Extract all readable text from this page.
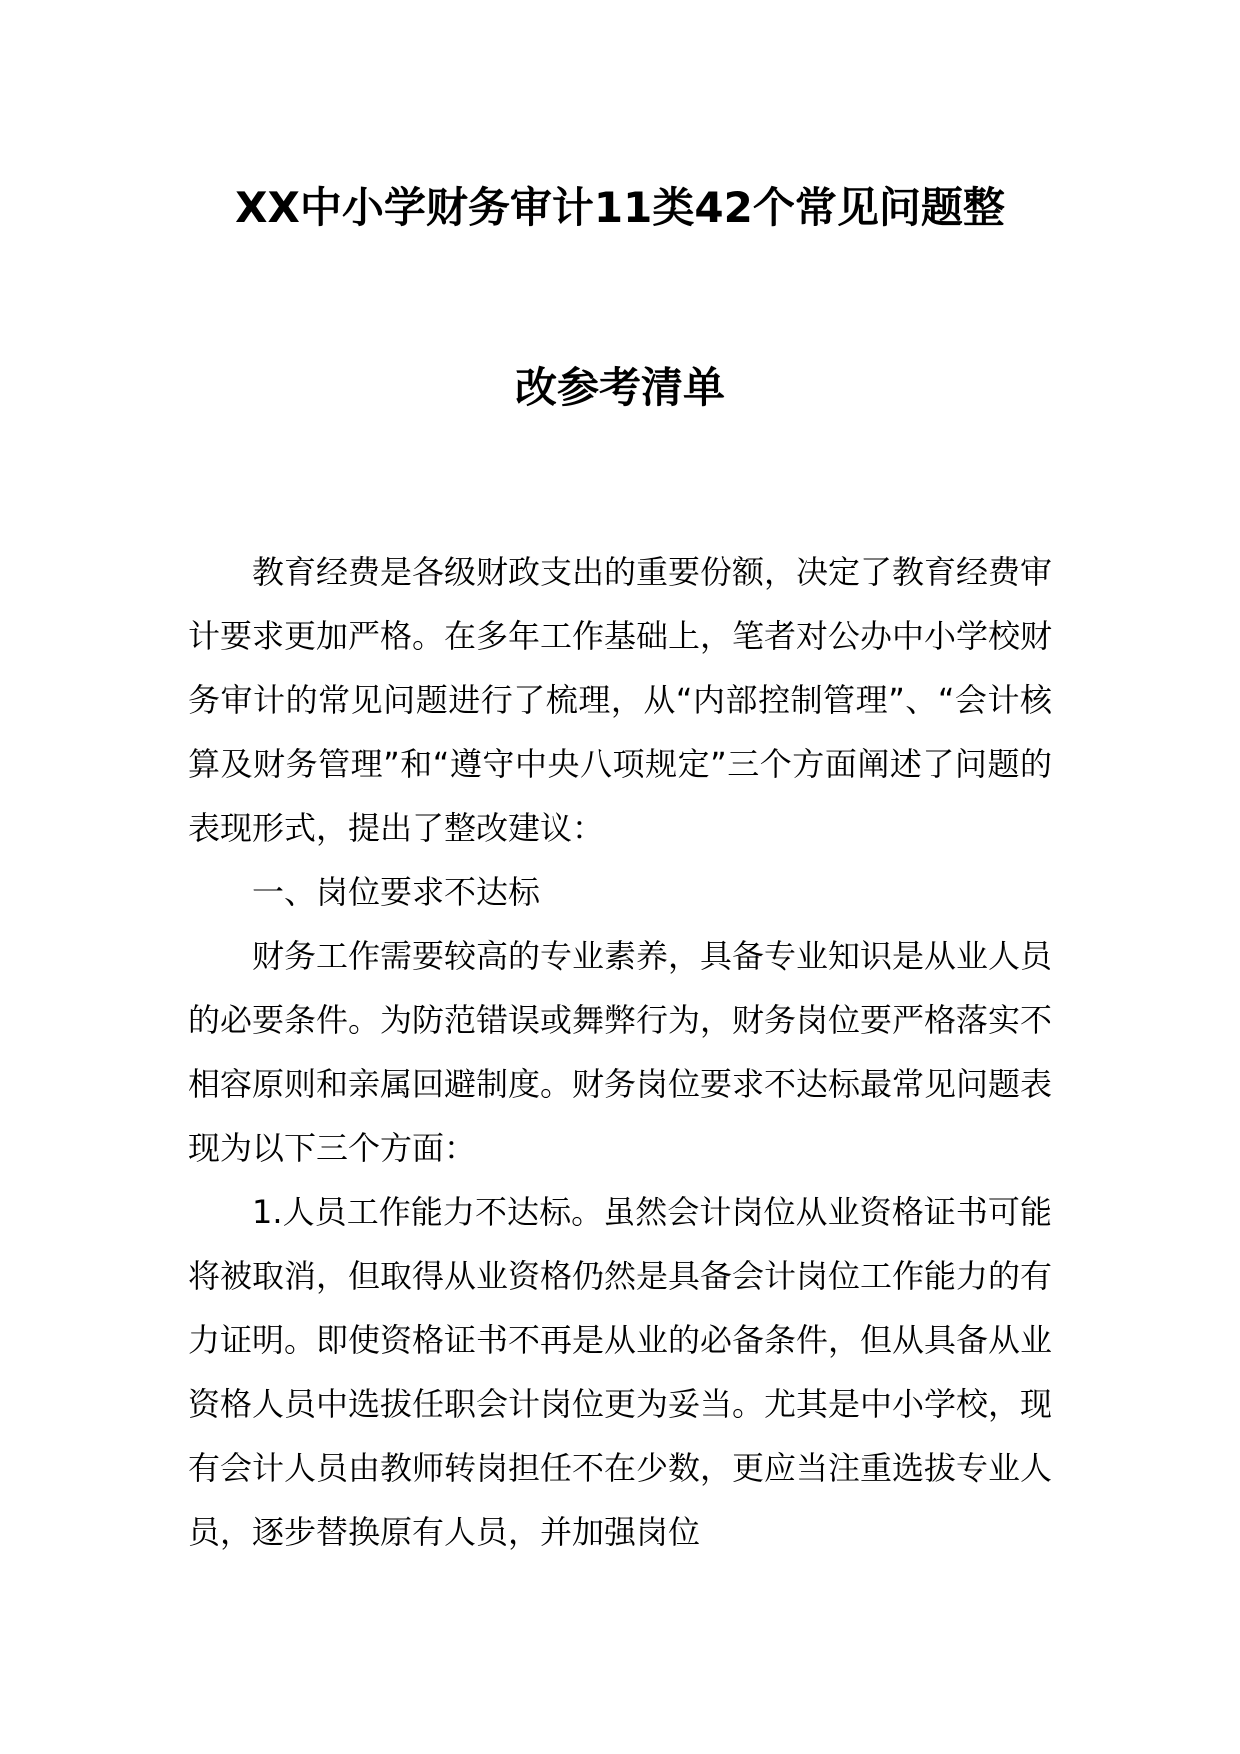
XX中小学财务审计11类42个常见问题整
改参考清单

教育经费是各级财政支出的重要份额，决定了教育经费审计要求更加严格。在多年工作基础上，笔者对公办中小学校财务审计的常见问题进行了梳理，从“内部控制管理”、“会计核算及财务管理”和“遵守中央八项规定”三个方面阐述了问题的表现形式，提出了整改建议：

一、岗位要求不达标

财务工作需要较高的专业素养，具备专业知识是从业人员的必要条件。为防范错误或舞弊行为，财务岗位要严格落实不相容原则和亲属回避制度。财务岗位要求不达标最常见问题表现为以下三个方面：

1.人员工作能力不达标。虽然会计岗位从业资格证书可能将被取消，但取得从业资格仍然是具备会计岗位工作能力的有力证明。即使资格证书不再是从业的必备条件，但从具备从业资格人员中选拔任职会计岗位更为妥当。尤其是中小学校，现有会计人员由教师转岗担任不在少数，更应当注重选拔专业人员，逐步替换原有人员，并加强岗位
